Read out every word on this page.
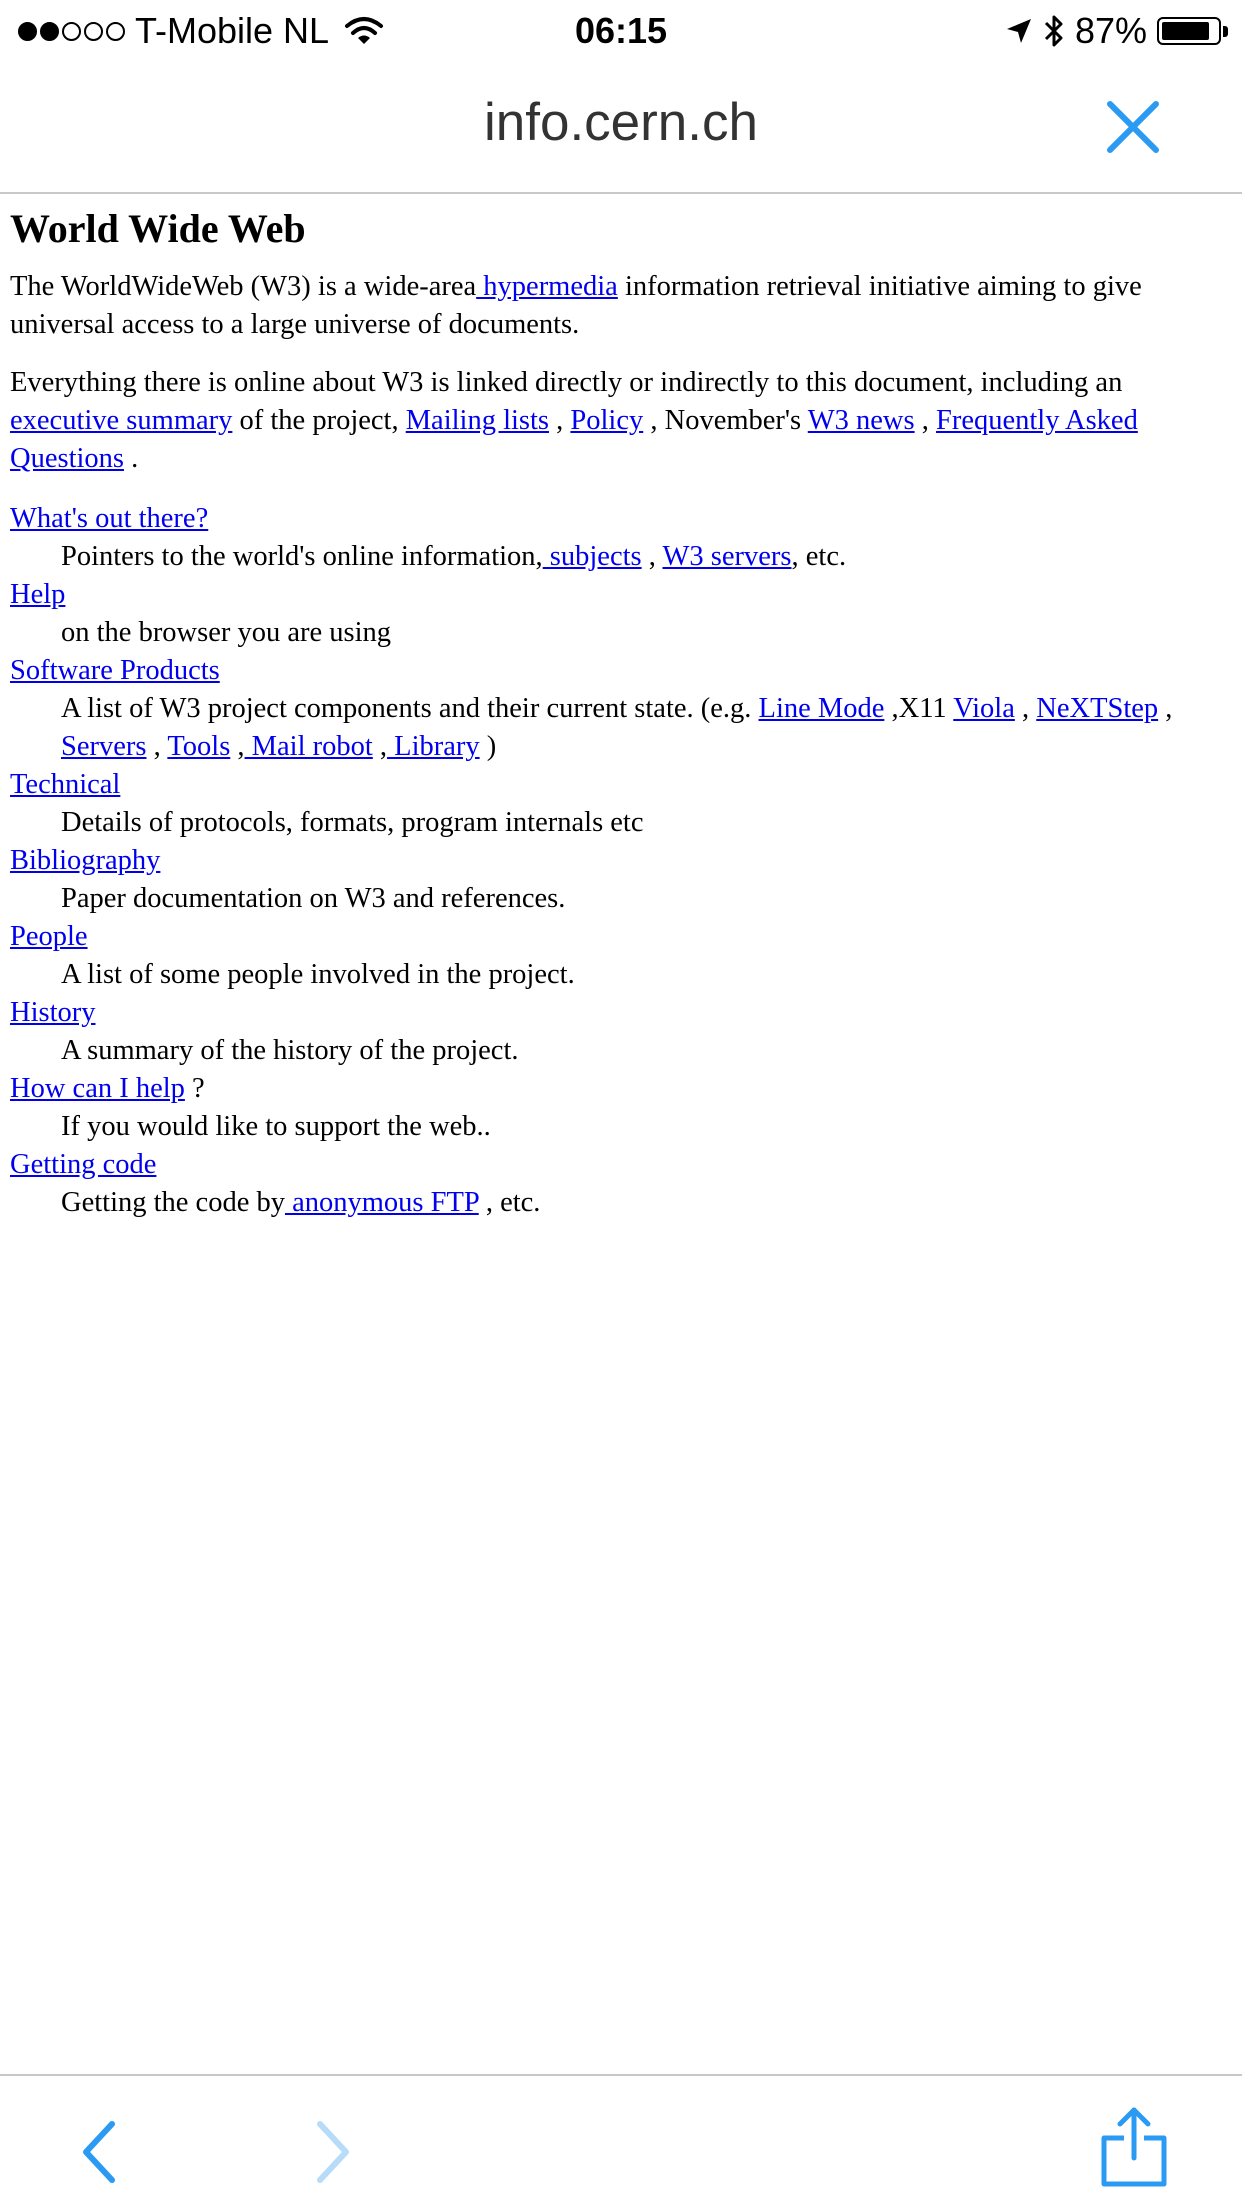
T-Mobile NL	06:15	87%
info.cern.ch
World Wide Web

The WorldWideWeb (W3) is a wide-area hypermedia information retrieval initiative aiming to give universal access to a large universe of documents.

Everything there is online about W3 is linked directly or indirectly to this document, including an executive summary of the project, Mailing lists , Policy , November's W3 news , Frequently Asked Questions .

What's out there?
Pointers to the world's online information, subjects , W3 servers, etc.
Help
on the browser you are using
Software Products
A list of W3 project components and their current state. (e.g. Line Mode ,X11 Viola , NeXTStep , Servers , Tools , Mail robot , Library )
Technical
Details of protocols, formats, program internals etc
Bibliography
Paper documentation on W3 and references.
People
A list of some people involved in the project.
History
A summary of the history of the project.
How can I help ?
If you would like to support the web..
Getting code
Getting the code by anonymous FTP , etc.
